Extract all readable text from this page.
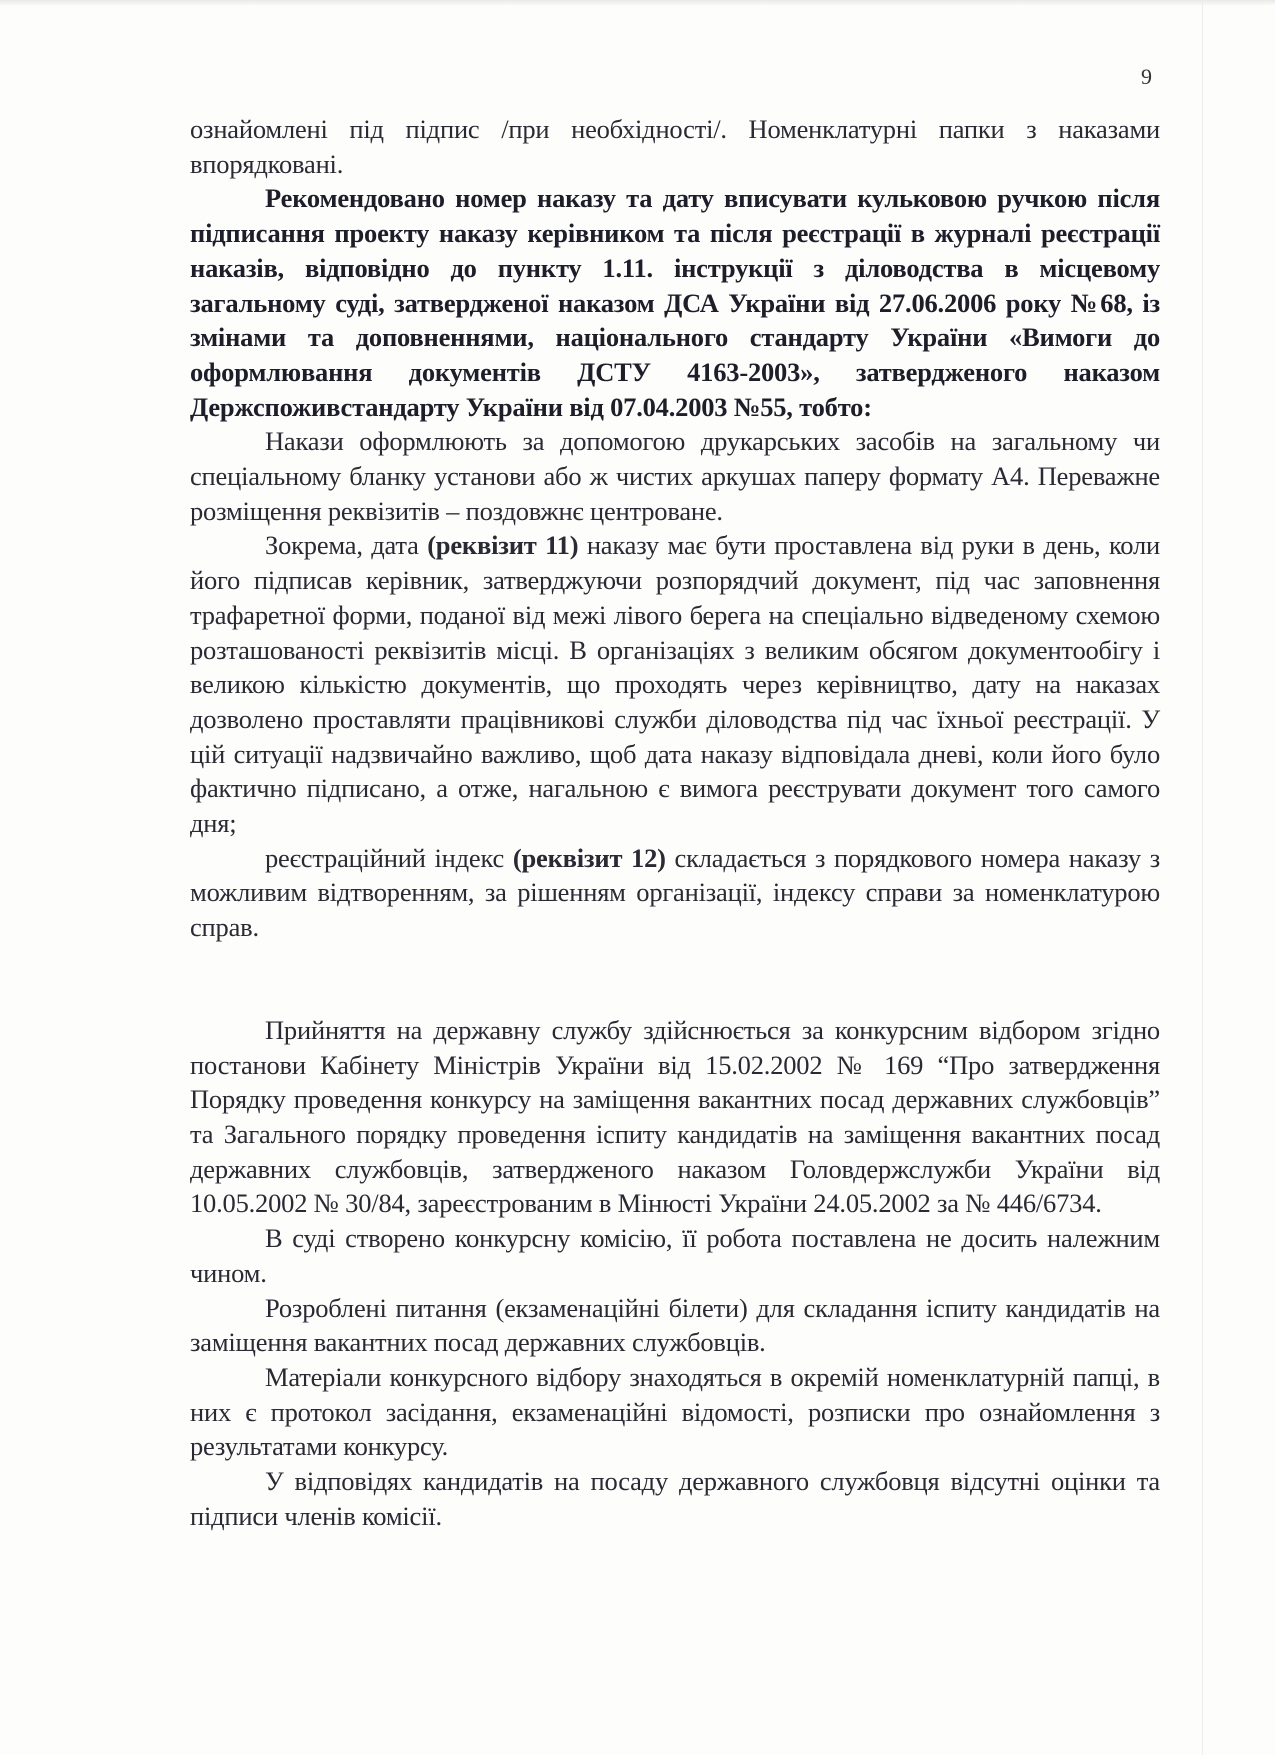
9

ознайомлені під підпис /при необхідності/. Номенклатурні папки з наказами впорядковані.

Рекомендовано номер наказу та дату вписувати кульковою ручкою після підписання проекту наказу керівником та після реєстрації в журналі реєстрації наказів, відповідно до пункту 1.11. інструкції з діловодства в місцевому загальному суді, затвердженої наказом ДСА України від 27.06.2006 року №68, із змінами та доповненнями, національного стандарту України «Вимоги до оформлювання документів ДСТУ 4163-2003», затвердженого наказом Держспоживстандарту України від 07.04.2003 №55, тобто:

Накази оформлюють за допомогою друкарських засобів на загальному чи спеціальному бланку установи або ж чистих аркушах паперу формату А4. Переважне розміщення реквізитів – поздовжнє центроване.

Зокрема, дата (реквізит 11) наказу має бути проставлена від руки в день, коли його підписав керівник, затверджуючи розпорядчий документ, під час заповнення трафаретної форми, поданої від межі лівого берега на спеціально відведеному схемою розташованості реквізитів місці. В організаціях з великим обсягом документообігу і великою кількістю документів, що проходять через керівництво, дату на наказах дозволено проставляти працівникові служби діловодства під час їхньої реєстрації. У цій ситуації надзвичайно важливо, щоб дата наказу відповідала дневі, коли його було фактично підписано, а отже, нагальною є вимога реєструвати документ того самого дня;

реєстраційний індекс (реквізит 12) складається з порядкового номера наказу з можливим відтворенням, за рішенням організації, індексу справи за номенклатурою справ.

Прийняття на державну службу здійснюється за конкурсним відбором згідно постанови Кабінету Міністрів України від 15.02.2002 № 169 “Про затвердження Порядку проведення конкурсу на заміщення вакантних посад державних службовців” та Загального порядку проведення іспиту кандидатів на заміщення вакантних посад державних службовців, затвердженого наказом Головдержслужби України від 10.05.2002 № 30/84, зареєстрованим в Мінюсті України 24.05.2002 за № 446/6734.

В суді створено конкурсну комісію, її робота поставлена не досить належним чином.

Розроблені питання (екзаменаційні білети) для складання іспиту кандидатів на заміщення вакантних посад державних службовців.

Матеріали конкурсного відбору знаходяться в окремій номенклатурній папці, в них є протокол засідання, екзаменаційні відомості, розписки про ознайомлення з результатами конкурсу.

У відповідях кандидатів на посаду державного службовця відсутні оцінки та підписи членів комісії.
